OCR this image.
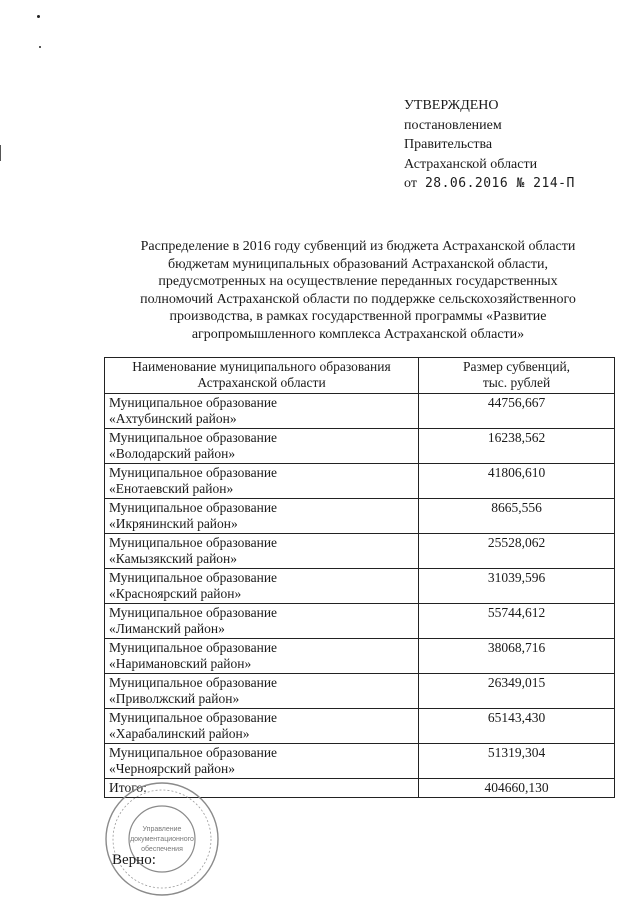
УТВЕРЖДЕНО
постановлением
Правительства
Астраханской области
от 28.06.2016 № 214-П
Распределение в 2016 году субвенций из бюджета Астраханской области
бюджетам муниципальных образований Астраханской области,
предусмотренных на осуществление переданных государственных
полномочий Астраханской области по поддержке сельскохозяйственного
производства, в рамках государственной программы «Развитие
агропромышленного комплекса Астраханской области»
Наименование муниципального образования
Астраханской области	Размер субвенций,
тыс. рублей

Муниципальное образование
«Ахтубинский район»	44756,667

Муниципальное образование
«Володарский район»	16238,562

Муниципальное образование
«Енотаевский район»	41806,610

Муниципальное образование
«Икрянинский район»	8665,556

Муниципальное образование
«Камызякский район»	25528,062

Муниципальное образование
«Красноярский район»	31039,596

Муниципальное образование
«Лиманский район»	55744,612

Муниципальное образование
«Наримановский район»	38068,716

Муниципальное образование
«Приволжский район»	26349,015

Муниципальное образование
«Харабалинский район»	65143,430

Муниципальное образование
«Черноярский район»	51319,304
Итого:	404660,130
Управление
документационного
обеспечения
Верно:
